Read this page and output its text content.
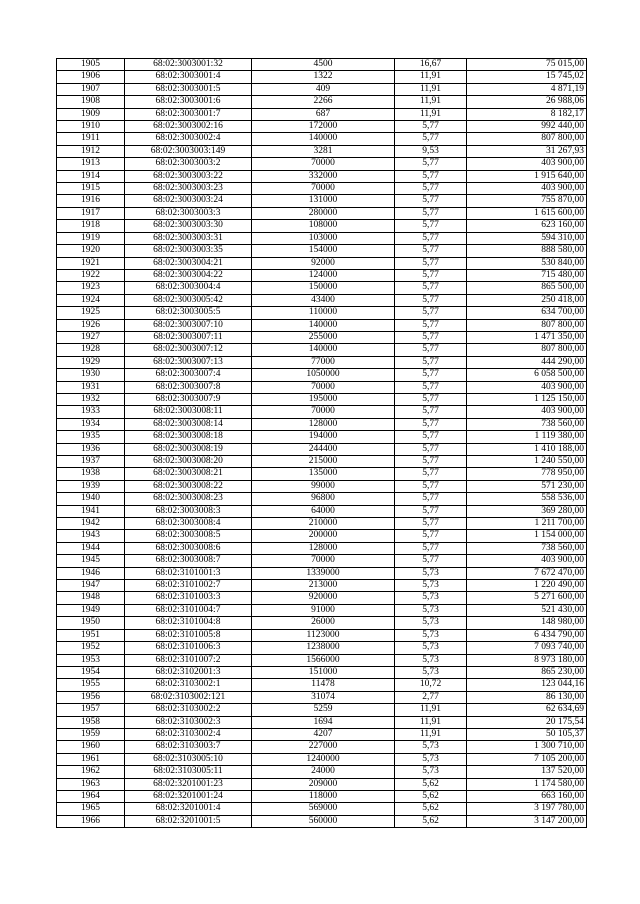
1905	68:02:3003001:32	4500	16,67	75 015,00
1906	68:02:3003001:4	1322	11,91	15 745,02
1907	68:02:3003001:5	409	11,91	4 871,19
1908	68:02:3003001:6	2266	11,91	26 988,06
1909	68:02:3003001:7	687	11,91	8 182,17
1910	68:02:3003002:16	172000	5,77	992 440,00
1911	68:02:3003002:4	140000	5,77	807 800,00
1912	68:02:3003003:149	3281	9,53	31 267,93
1913	68:02:3003003:2	70000	5,77	403 900,00
1914	68:02:3003003:22	332000	5,77	1 915 640,00
1915	68:02:3003003:23	70000	5,77	403 900,00
1916	68:02:3003003:24	131000	5,77	755 870,00
1917	68:02:3003003:3	280000	5,77	1 615 600,00
1918	68:02:3003003:30	108000	5,77	623 160,00
1919	68:02:3003003:31	103000	5,77	594 310,00
1920	68:02:3003003:35	154000	5,77	888 580,00
1921	68:02:3003004:21	92000	5,77	530 840,00
1922	68:02:3003004:22	124000	5,77	715 480,00
1923	68:02:3003004:4	150000	5,77	865 500,00
1924	68:02:3003005:42	43400	5,77	250 418,00
1925	68:02:3003005:5	110000	5,77	634 700,00
1926	68:02:3003007:10	140000	5,77	807 800,00
1927	68:02:3003007:11	255000	5,77	1 471 350,00
1928	68:02:3003007:12	140000	5,77	807 800,00
1929	68:02:3003007:13	77000	5,77	444 290,00
1930	68:02:3003007:4	1050000	5,77	6 058 500,00
1931	68:02:3003007:8	70000	5,77	403 900,00
1932	68:02:3003007:9	195000	5,77	1 125 150,00
1933	68:02:3003008:11	70000	5,77	403 900,00
1934	68:02:3003008:14	128000	5,77	738 560,00
1935	68:02:3003008:18	194000	5,77	1 119 380,00
1936	68:02:3003008:19	244400	5,77	1 410 188,00
1937	68:02:3003008:20	215000	5,77	1 240 550,00
1938	68:02:3003008:21	135000	5,77	778 950,00
1939	68:02:3003008:22	99000	5,77	571 230,00
1940	68:02:3003008:23	96800	5,77	558 536,00
1941	68:02:3003008:3	64000	5,77	369 280,00
1942	68:02:3003008:4	210000	5,77	1 211 700,00
1943	68:02:3003008:5	200000	5,77	1 154 000,00
1944	68:02:3003008:6	128000	5,77	738 560,00
1945	68:02:3003008:7	70000	5,77	403 900,00
1946	68:02:3101001:3	1339000	5,73	7 672 470,00
1947	68:02:3101002:7	213000	5,73	1 220 490,00
1948	68:02:3101003:3	920000	5,73	5 271 600,00
1949	68:02:3101004:7	91000	5,73	521 430,00
1950	68:02:3101004:8	26000	5,73	148 980,00
1951	68:02:3101005:8	1123000	5,73	6 434 790,00
1952	68:02:3101006:3	1238000	5,73	7 093 740,00
1953	68:02:3101007:2	1566000	5,73	8 973 180,00
1954	68:02:3102001:3	151000	5,73	865 230,00
1955	68:02:3103002:1	11478	10,72	123 044,16
1956	68:02:3103002:121	31074	2,77	86 130,00
1957	68:02:3103002:2	5259	11,91	62 634,69
1958	68:02:3103002:3	1694	11,91	20 175,54
1959	68:02:3103002:4	4207	11,91	50 105,37
1960	68:02:3103003:7	227000	5,73	1 300 710,00
1961	68:02:3103005:10	1240000	5,73	7 105 200,00
1962	68:02:3103005:11	24000	5,73	137 520,00
1963	68:02:3201001:23	209000	5,62	1 174 580,00
1964	68:02:3201001:24	118000	5,62	663 160,00
1965	68:02:3201001:4	569000	5,62	3 197 780,00
1966	68:02:3201001:5	560000	5,62	3 147 200,00
